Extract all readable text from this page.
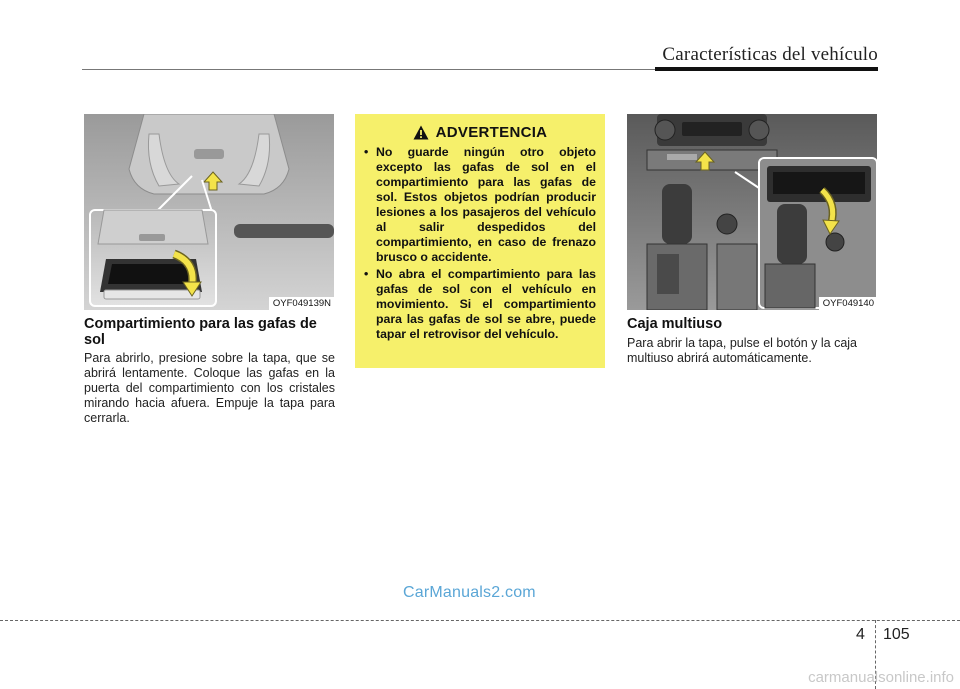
Características del vehículo
OYF049139N
Compartimiento para las gafas de sol
Para abrirlo, presione sobre la tapa, que se abrirá lentamente. Coloque las gafas en la puerta del compartimiento con los cristales mirando hacia afuera. Empuje la tapa para cerrarla.
ADVERTENCIA
• No guarde ningún otro objeto excepto las gafas de sol en el compartimiento para las gafas de sol. Estos objetos podrían producir lesiones a los pasajeros del vehículo al salir despedidos del compartimiento, en caso de frenazo brusco o accidente.
• No abra el compartimiento para las gafas de sol con el vehículo en movimiento. Si el compartimiento para las gafas de sol se abre, puede tapar el retrovisor del vehículo.
OYF049140
Caja multiuso
Para abrir la tapa, pulse el botón y la caja multiuso abrirá automáticamente.
CarManuals2.com
4 105
carmanualsonline.info
